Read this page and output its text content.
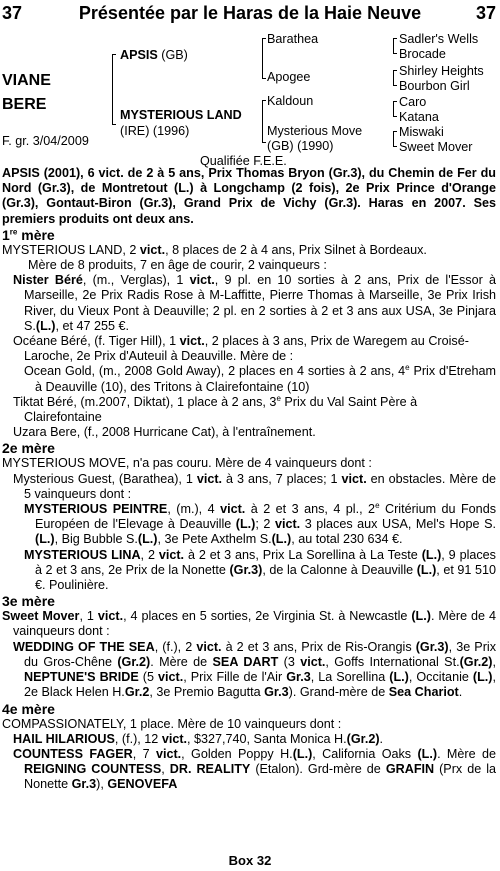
37	Présentée par le Haras de la Haie Neuve	37
VIANE
BERE
F. gr. 3/04/2009
APSIS (GB)
MYSTERIOUS LAND
(IRE) (1996)
Barathea
Apogee
Kaldoun
Mysterious Move
(GB) (1990)
Sadler's Wells
Brocade
Shirley Heights
Bourbon Girl
Caro
Katana
Miswaki
Sweet Mover
Qualifiée F.E.E.

APSIS (2001), 6 vict. de 2 à 5 ans, Prix Thomas Bryon (Gr.3), du Chemin de Fer du Nord (Gr.3), de Montretout (L.) à Longchamp (2 fois), 2e Prix Prince d'Orange (Gr.3), Gontaut-Biron (Gr.3), Grand Prix de Vichy (Gr.3). Haras en 2007. Ses premiers produits ont deux ans.

1re mère

MYSTERIOUS LAND, 2 vict., 8 places de 2 à 4 ans, Prix Silnet à Bordeaux.

Mère de 8 produits, 7 en âge de courir, 2 vainqueurs :

Nister Béré, (m., Verglas), 1 vict., 9 pl. en 10 sorties à 2 ans, Prix de l'Essor à Marseille, 2e Prix Radis Rose à M-Laffitte, Pierre Thomas à Marseille, 3e Prix Irish River, du Vieux Pont à Deauville; 2 pl. en 2 sorties à 2 et 3 ans aux USA, 3e Pinjara S.(L.), et 47 255 €.

Océane Béré, (f. Tiger Hill), 1 vict., 2 places à 3 ans, Prix de Waregem au Croisé-Laroche, 2e Prix d'Auteuil à Deauville. Mère de :

Ocean Gold, (m., 2008 Gold Away), 2 places en 4 sorties à 2 ans, 4e Prix d'Etreham à Deauville (10), des Tritons à Clairefontaine (10)

Tiktat Béré, (m.2007, Diktat), 1 place à 2 ans, 3e Prix du Val Saint Père à Clairefontaine

Uzara Bere, (f., 2008 Hurricane Cat), à l'entraînement.

2e mère

MYSTERIOUS MOVE, n'a pas couru. Mère de 4 vainqueurs dont :

Mysterious Guest, (Barathea), 1 vict. à 3 ans, 7 places; 1 vict. en obstacles. Mère de 5 vainqueurs dont :

MYSTERIOUS PEINTRE, (m.), 4 vict. à 2 et 3 ans, 4 pl., 2e Critérium du Fonds Européen de l'Elevage à Deauville (L.); 2 vict. 3 places aux USA, Mel's Hope S.(L.), Big Bubble S.(L.), 3e Pete Axthelm S.(L.), au total 230 634 €.

MYSTERIOUS LINA, 2 vict. à 2 et 3 ans, Prix La Sorellina à La Teste (L.), 9 places à 2 et 3 ans, 2e Prix de la Nonette (Gr.3), de la Calonne à Deauville (L.), et 91 510 €. Poulinière.

3e mère

Sweet Mover, 1 vict., 4 places en 5 sorties, 2e Virginia St. à Newcastle (L.). Mère de 4 vainqueurs dont :

WEDDING OF THE SEA, (f.), 2 vict. à 2 et 3 ans, Prix de Ris-Orangis (Gr.3), 3e Prix du Gros-Chêne (Gr.2). Mère de SEA DART (3 vict., Goffs International St.(Gr.2), NEPTUNE'S BRIDE (5 vict., Prix Fille de l'Air Gr.3, La Sorellina (L.), Occitanie (L.), 2e Black Helen H.Gr.2, 3e Premio Bagutta Gr.3). Grand-mère de Sea Chariot.

4e mère

COMPASSIONATELY, 1 place. Mère de 10 vainqueurs dont :

HAIL HILARIOUS, (f.), 12 vict., $327,740, Santa Monica H.(Gr.2).

COUNTESS FAGER, 7 vict., Golden Poppy H.(L.), California Oaks (L.). Mère de REIGNING COUNTESS, DR. REALITY (Etalon). Grd-mère de GRAFIN (Prx de la Nonette Gr.3), GENOVEFA

Box 32
